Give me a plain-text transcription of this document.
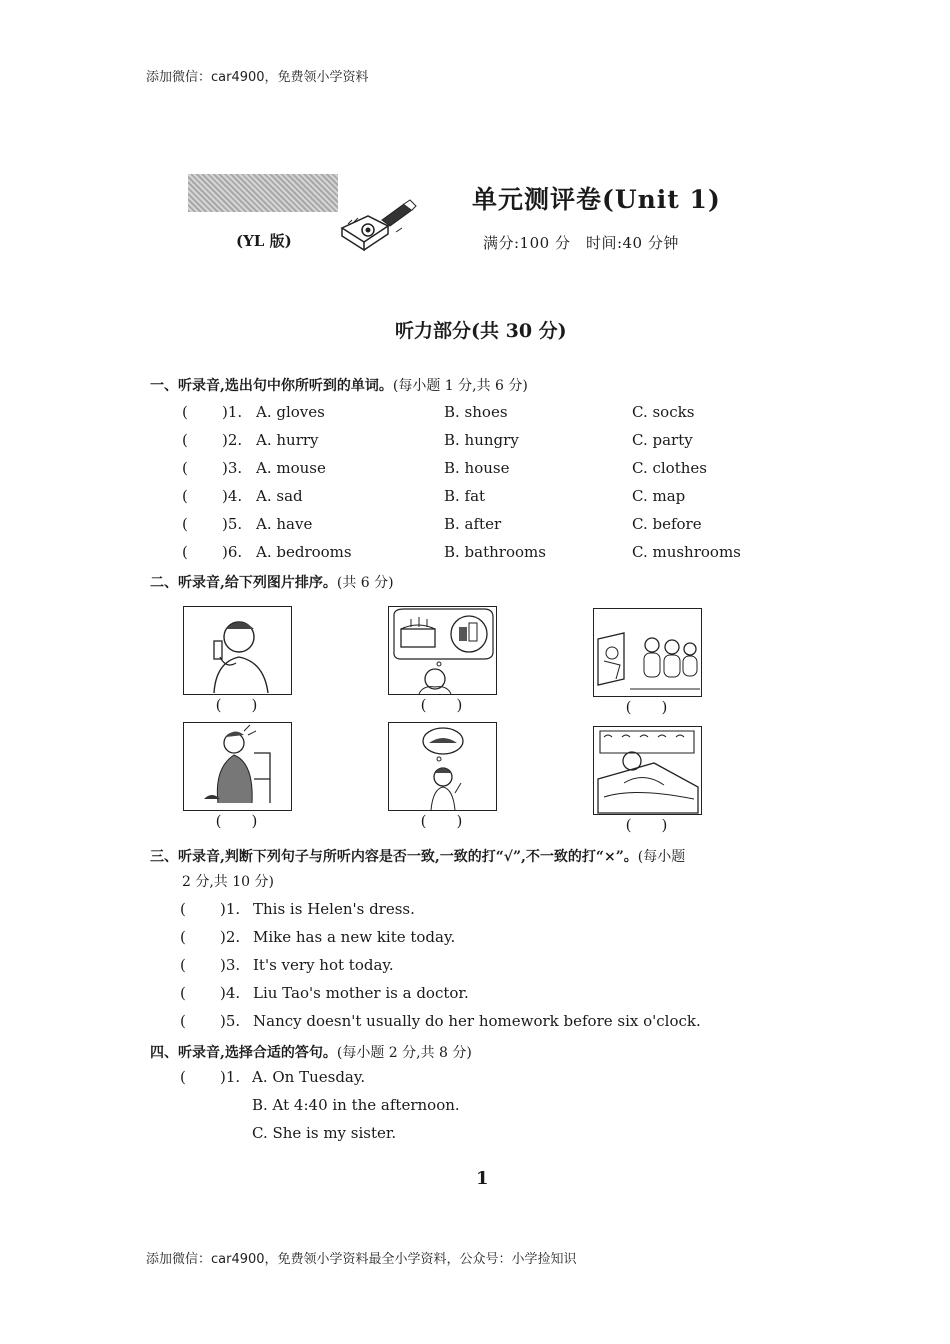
添加微信：car4900，免费领小学资料
(YL 版)
单元测评卷(Unit 1)
满分:100 分　时间:40 分钟
听力部分(共 30 分)
一、听录音,选出句中你所听到的单词。(每小题 1 分,共 6 分)
( )1. A. gloves	B. shoes	C. socks
( )2. A. hurry	B. hungry	C. party
( )3. A. mouse	B. house	C. clothes
( )4. A. sad	B. fat	C. map
( )5. A. have	B. after	C. before
( )6. A. bedrooms	B. bathrooms	C. mushrooms
二、听录音,给下列图片排序。(共 6 分)
(　　)	(　　)	(　　)
(　　)	(　　)	(　　)
三、听录音,判断下列句子与所听内容是否一致,一致的打“√”,不一致的打“×”。(每小题
2 分,共 10 分)
( )1. This is Helen's dress.
( )2. Mike has a new kite today.
( )3. It's very hot today.
( )4. Liu Tao's mother is a doctor.
( )5. Nancy doesn't usually do her homework before six o'clock.
四、听录音,选择合适的答句。(每小题 2 分,共 8 分)
( )1. A. On Tuesday.
B. At 4:40 in the afternoon.
C. She is my sister.
1
添加微信：car4900，免费领小学资料最全小学资料，公众号：小学捡知识
